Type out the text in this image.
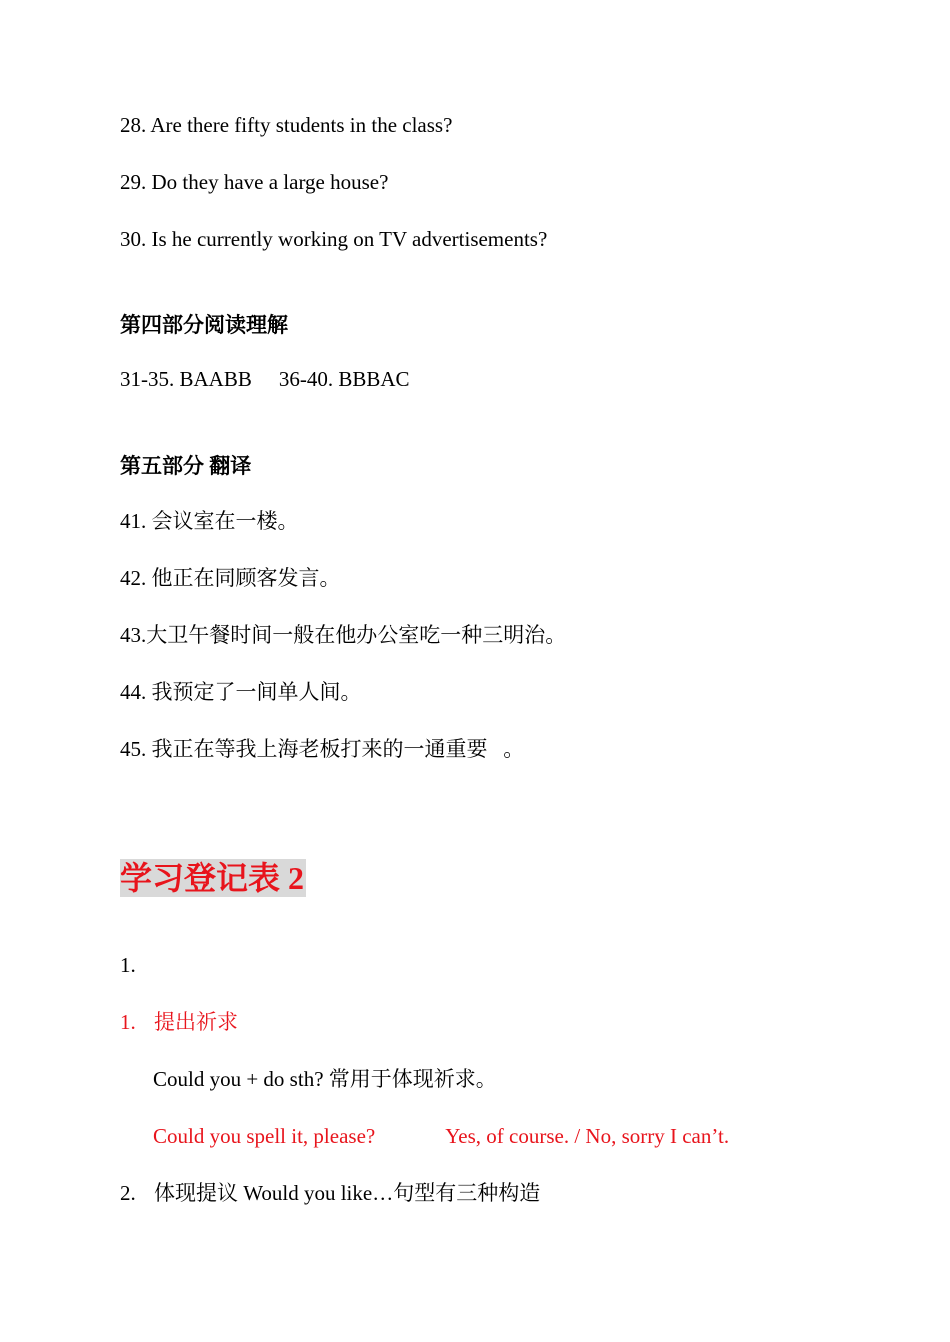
28. Are there fifty students in the class?
29. Do they have a large house?
30. Is he currently working on TV advertisements?
第四部分阅读理解
31-35. BAABB 36-40. BBBAC
第五部分 翻译
41. 会议室在一楼。
42. 他正在同顾客发言。
43.大卫午餐时间一般在他办公室吃一种三明治。
44. 我预定了一间单人间。
45. 我正在等我上海老板打来的一通重要   。
学习登记表 2
1.
1. 提出祈求
Could you + do sth? 常用于体现祈求。
Could you spell it, please?	Yes, of course. / No, sorry I can’t.
2. 体现提议 Would you like…句型有三种构造
